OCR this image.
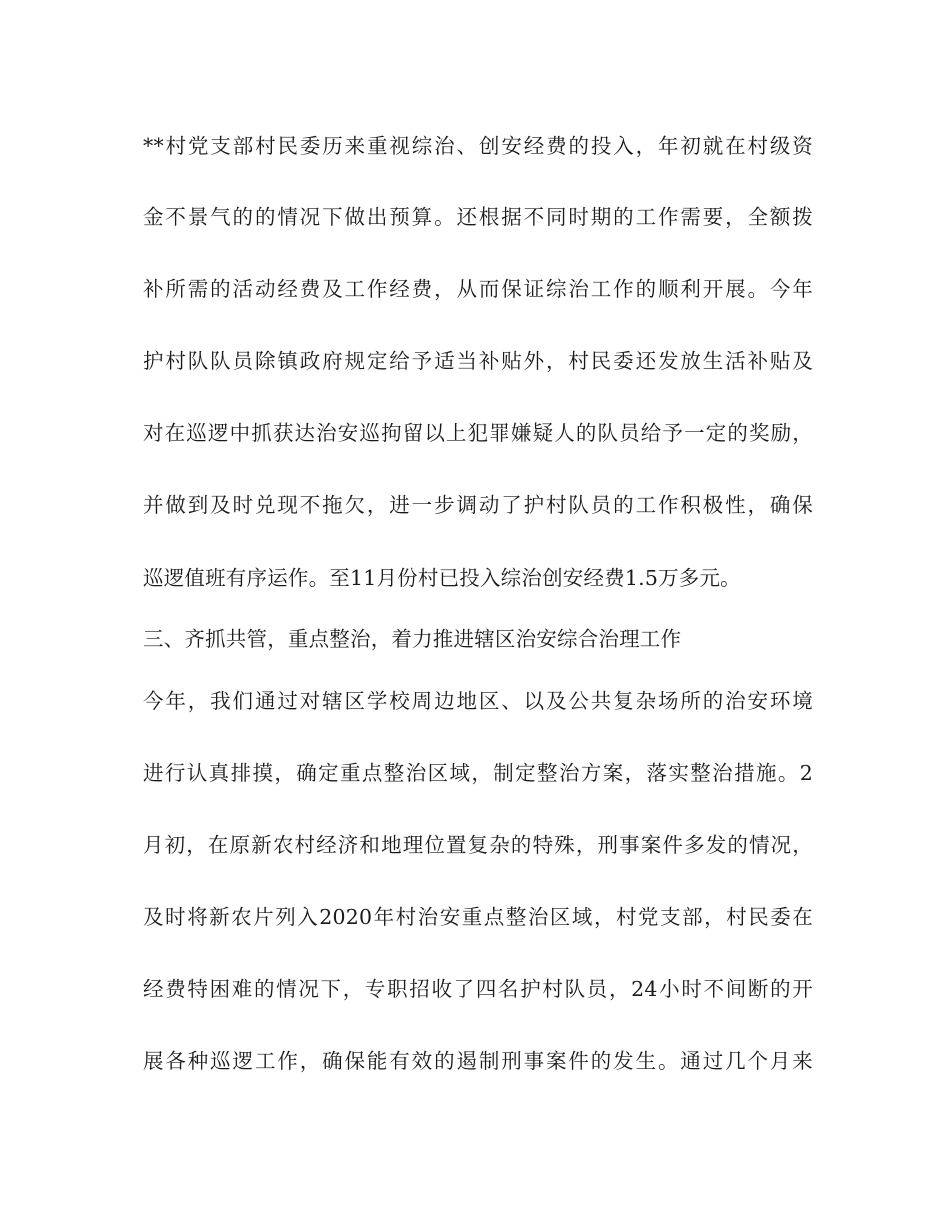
**村党支部村民委历来重视综治、创安经费的投入，年初就在村级资
金不景气的的情况下做出预算。还根据不同时期的工作需要，全额拨
补所需的活动经费及工作经费，从而保证综治工作的顺利开展。今年
护村队队员除镇政府规定给予适当补贴外，村民委还发放生活补贴及
对在巡逻中抓获达治安巡拘留以上犯罪嫌疑人的队员给予一定的奖励，
并做到及时兑现不拖欠，进一步调动了护村队员的工作积极性，确保
巡逻值班有序运作。至11月份村已投入综治创安经费1.5万多元。
三、齐抓共管，重点整治，着力推进辖区治安综合治理工作
今年，我们通过对辖区学校周边地区、以及公共复杂场所的治安环境
进行认真排摸，确定重点整治区域，制定整治方案，落实整治措施。2
月初，在原新农村经济和地理位置复杂的特殊，刑事案件多发的情况，
及时将新农片列入2020年村治安重点整治区域，村党支部，村民委在
经费特困难的情况下，专职招收了四名护村队员，24小时不间断的开
展各种巡逻工作，确保能有效的遏制刑事案件的发生。通过几个月来
